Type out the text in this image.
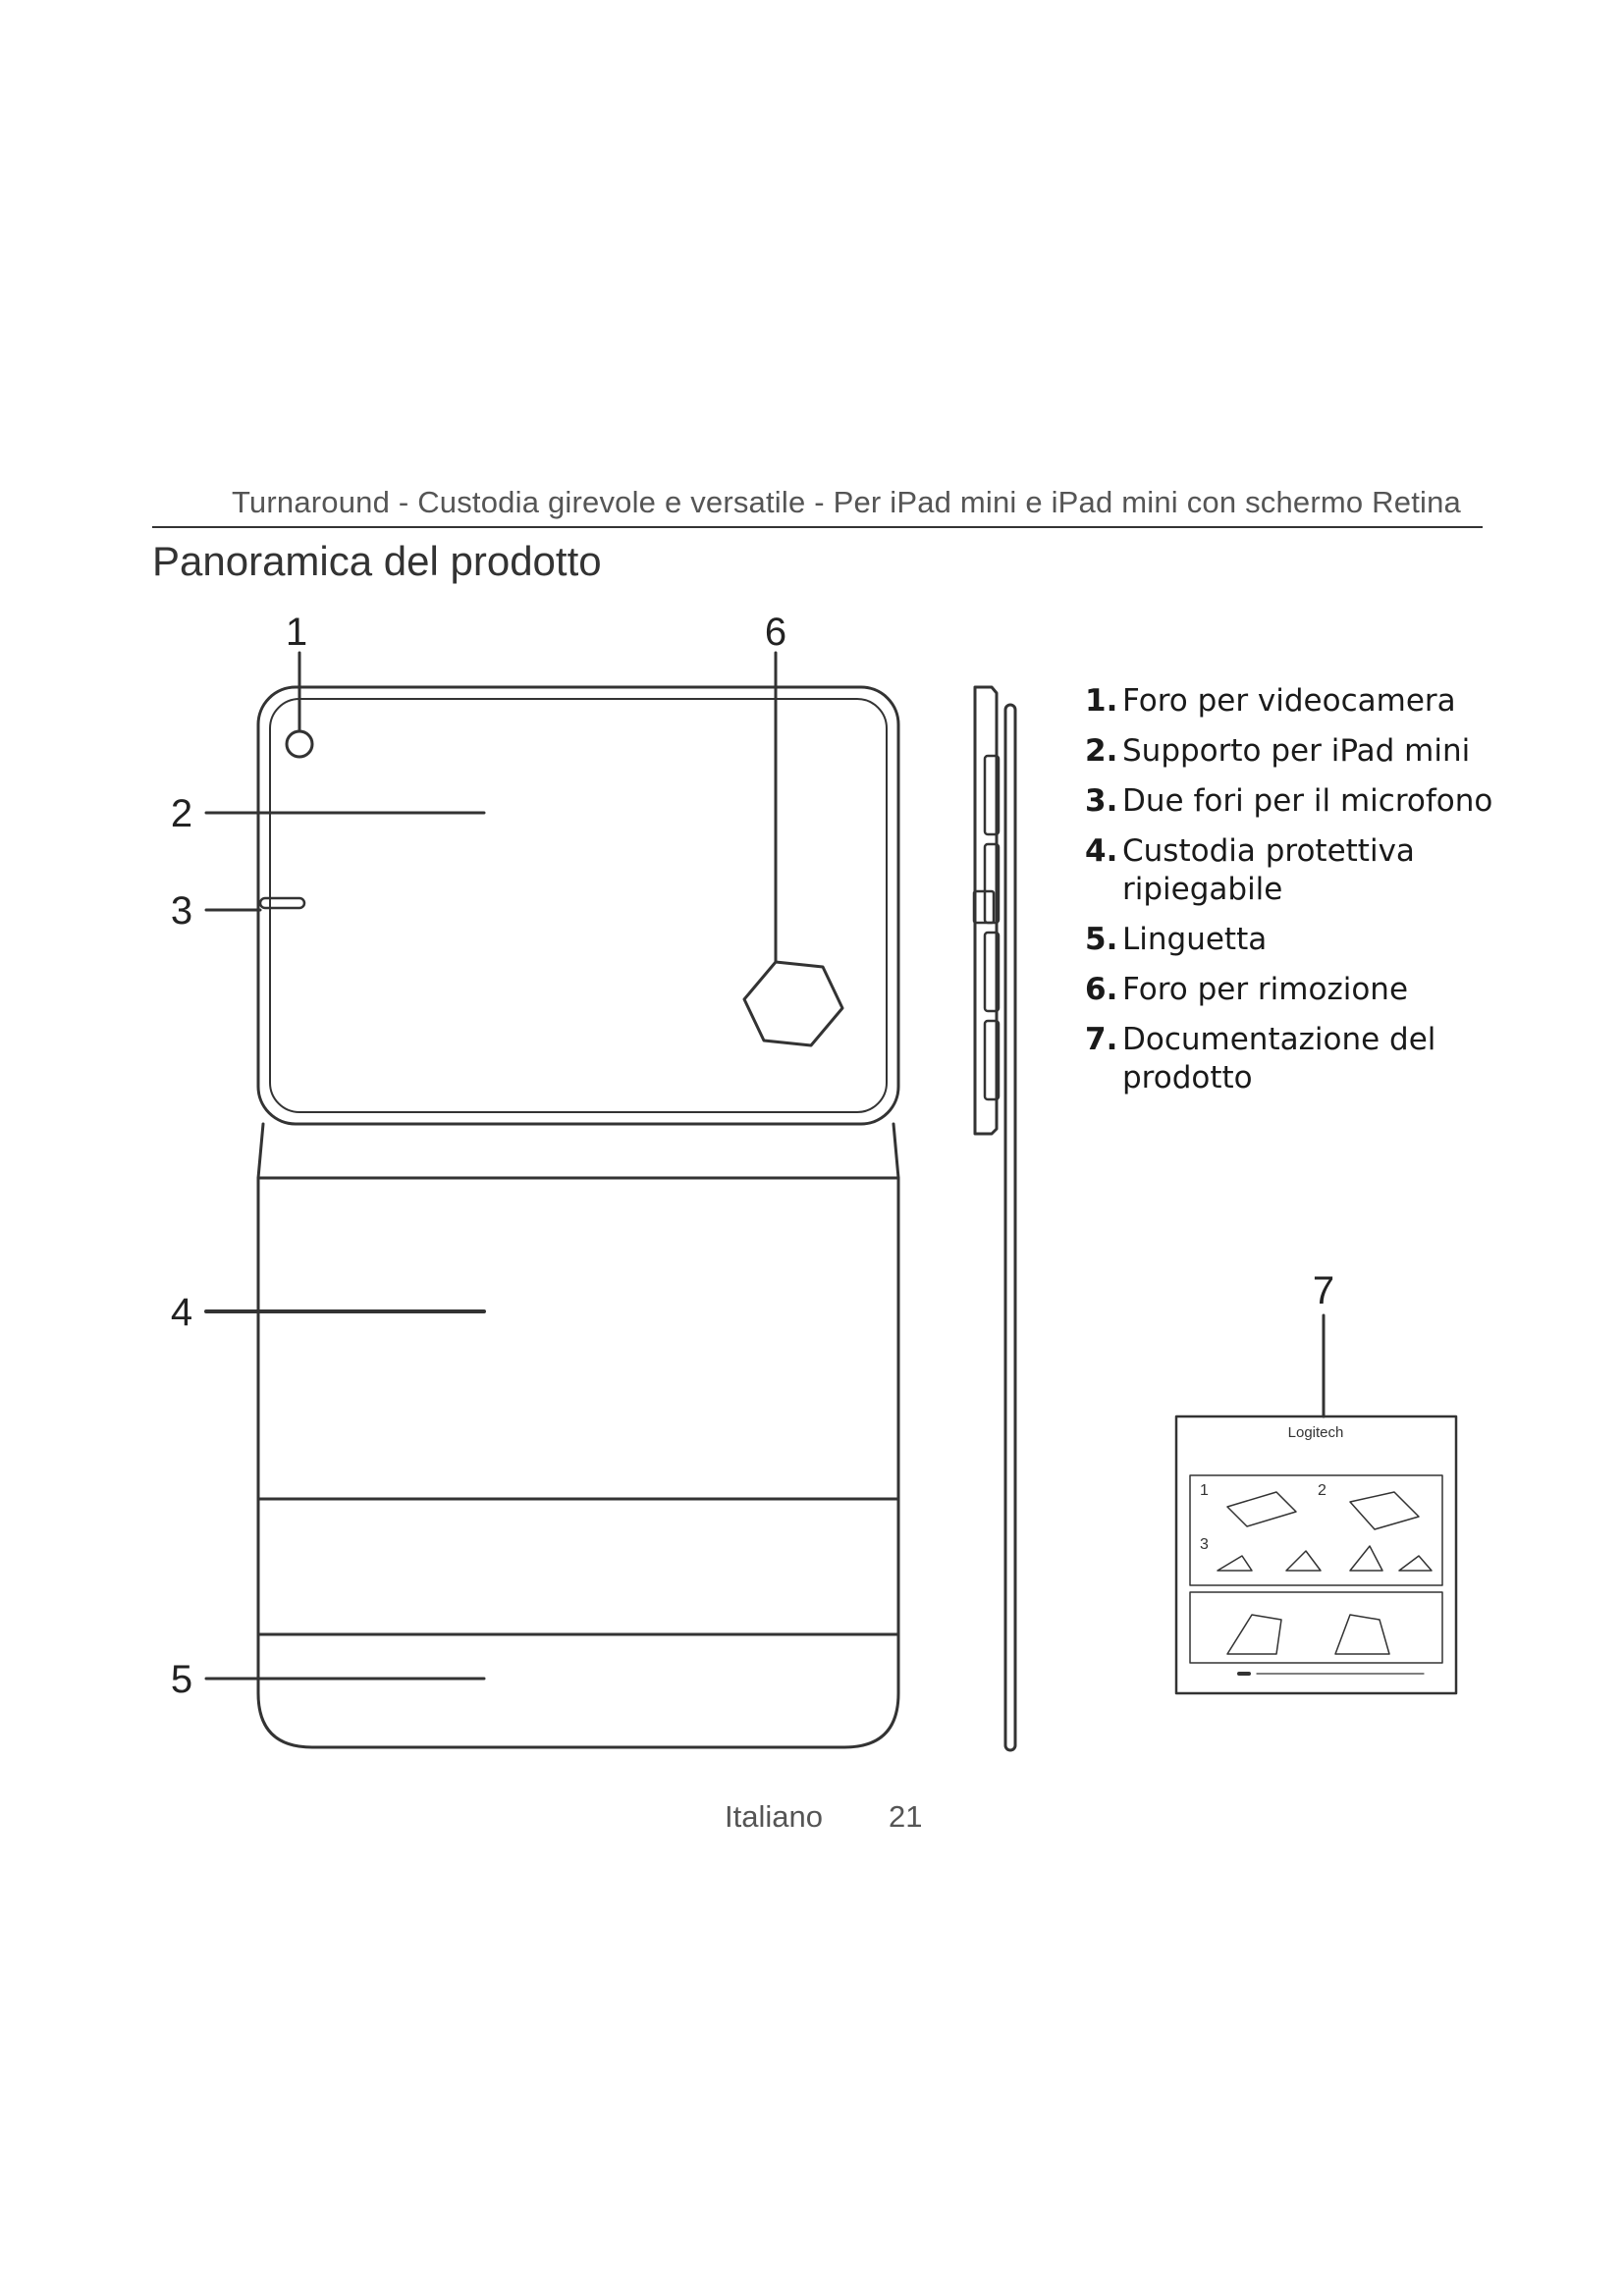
Turnaround - Custodia girevole e versatile - Per iPad mini e iPad mini con schermo Retina
Panoramica del prodotto
Logitech
1	2
3
1
2
3
4
5
6
7
1. Foro per videocamera
2. Supporto per iPad mini
3. Due fori per il microfono
4. Custodia protettiva ripiegabile
5. Linguetta
6. Foro per rimozione
7. Documentazione del prodotto
Italiano 21
